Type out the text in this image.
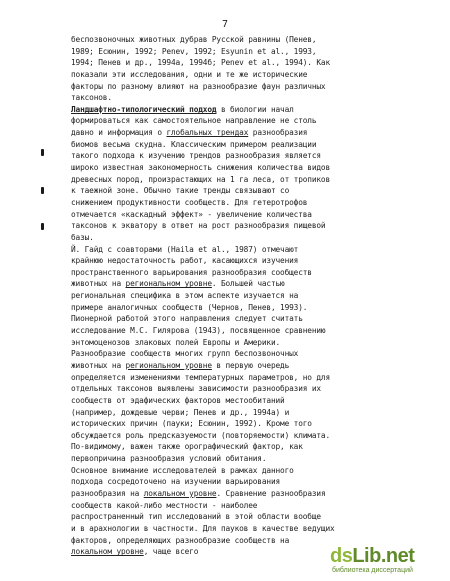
7
беспозвоночных животных дубрав Русской равнины (Пенев,
1989; Есюнин, 1992; Penev, 1992; Esyunin et al., 1993,
1994; Пенев и др., 1994а, 1994б; Penev et al., 1994). Как
показали эти исследования, одни и те же исторические
факторы по разному влияют на разнообразие фаун различных
таксонов.
Ландшафтно-типологический подход в биологии начал
формироваться как самостоятельное направление не столь
давно и информация о глобальных трендах разнообразия
биомов весьма скудна. Классическим примером реализации
такого подхода к изучению трендов разнообразия является
широко известная закономерность снижения количества видов
древесных пород, произрастающих на 1 га леса, от тропиков
к таежной зоне. Обычно такие тренды связывают со
снижением продуктивности сообществ. Для гетеротрофов
отмечается «каскадный эффект» - увеличение количества
таксонов к экватору в ответ на рост разнообразия пищевой
базы.
Й. Гайд с соавторами (Haila et al., 1987) отмечают
крайнюю недостаточность работ, касающихся изучения
пространственного варьирования разнообразия сообществ
животных на региональном уровне. Большей частью
региональная специфика в этом аспекте изучается на
примере аналогичных сообществ (Чернов, Пенев, 1993).
Пионерной работой этого направления следует считать
исследование М.С. Гилярова (1943), посвященное сравнению
энтомоценозов злаковых полей Европы и Америки.
Разнообразие сообществ многих групп беспозвоночных
животных на региональном уровне в первую очередь
определяется изменениями температурных параметров, но для
отдельных таксонов выявлены зависимости разнообразия их
сообществ от эдафических факторов местообитаний
(например, дождевые черви; Пенев и др., 1994а) и
исторических причин (пауки; Есюнин, 1992). Кроме того
обсуждается роль предсказуемости (повторяемости) климата.
По-видимому, важен также орографический фактор, как
первопричина разнообразия условий обитания.
Основное внимание исследователей в рамках данного
подхода сосредоточено на изучении варьирования
разнообразия на локальном уровне. Сравнение разнообразия
сообществ какой-либо местности - наиболее
распространенный тип исследований в этой области вообще
и в арахнологии в частности. Для пауков в качестве ведущих
факторов, определяющих разнообразие сообществ на
локальном уровне, чаще всего	dsLib.net
библиотека диссертаций
